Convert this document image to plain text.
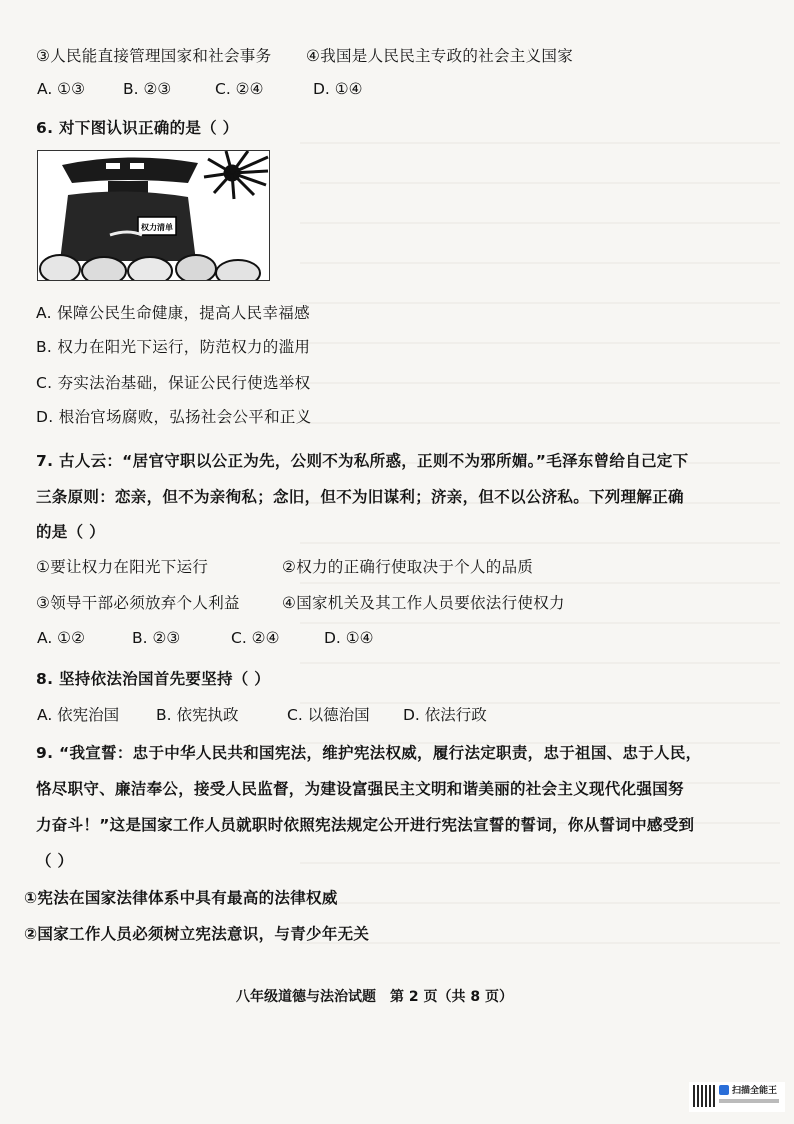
③人民能直接管理国家和社会事务 ④我国是人民民主专政的社会主义国家
A. ①③ B. ②③	C. ②④	D. ①④
6. 对下图认识正确的是（ ）
权力清单
A. 保障公民生命健康，提高人民幸福感
B. 权力在阳光下运行，防范权力的滥用
C. 夯实法治基础，保证公民行使选举权
D. 根治官场腐败，弘扬社会公平和正义
7. 古人云：“居官守职以公正为先，公则不为私所惑，正则不为邪所媚。”毛泽东曾给自己定下
三条原则：恋亲，但不为亲徇私；念旧，但不为旧谋利；济亲，但不以公济私。下列理解正确
的是（ ）
①要让权力在阳光下运行	②权力的正确行使取决于个人的品质
③领导干部必须放弃个人利益	④国家机关及其工作人员要依法行使权力
A. ①②	B. ②③	C. ②④	D. ①④
8. 坚持依法治国首先要坚持（ ）
A. 依宪治国 B. 依宪执政	C. 以德治国 D. 依法行政
9. “我宣誓：忠于中华人民共和国宪法，维护宪法权威，履行法定职责，忠于祖国、忠于人民，
恪尽职守、廉洁奉公，接受人民监督，为建设富强民主文明和谐美丽的社会主义现代化强国努
力奋斗！”这是国家工作人员就职时依照宪法规定公开进行宪法宣誓的誓词，你从誓词中感受到
（ ）
①宪法在国家法律体系中具有最高的法律权威
②国家工作人员必须树立宪法意识，与青少年无关
八年级道德与法治试题　第 2 页（共 8 页）
扫描全能王
